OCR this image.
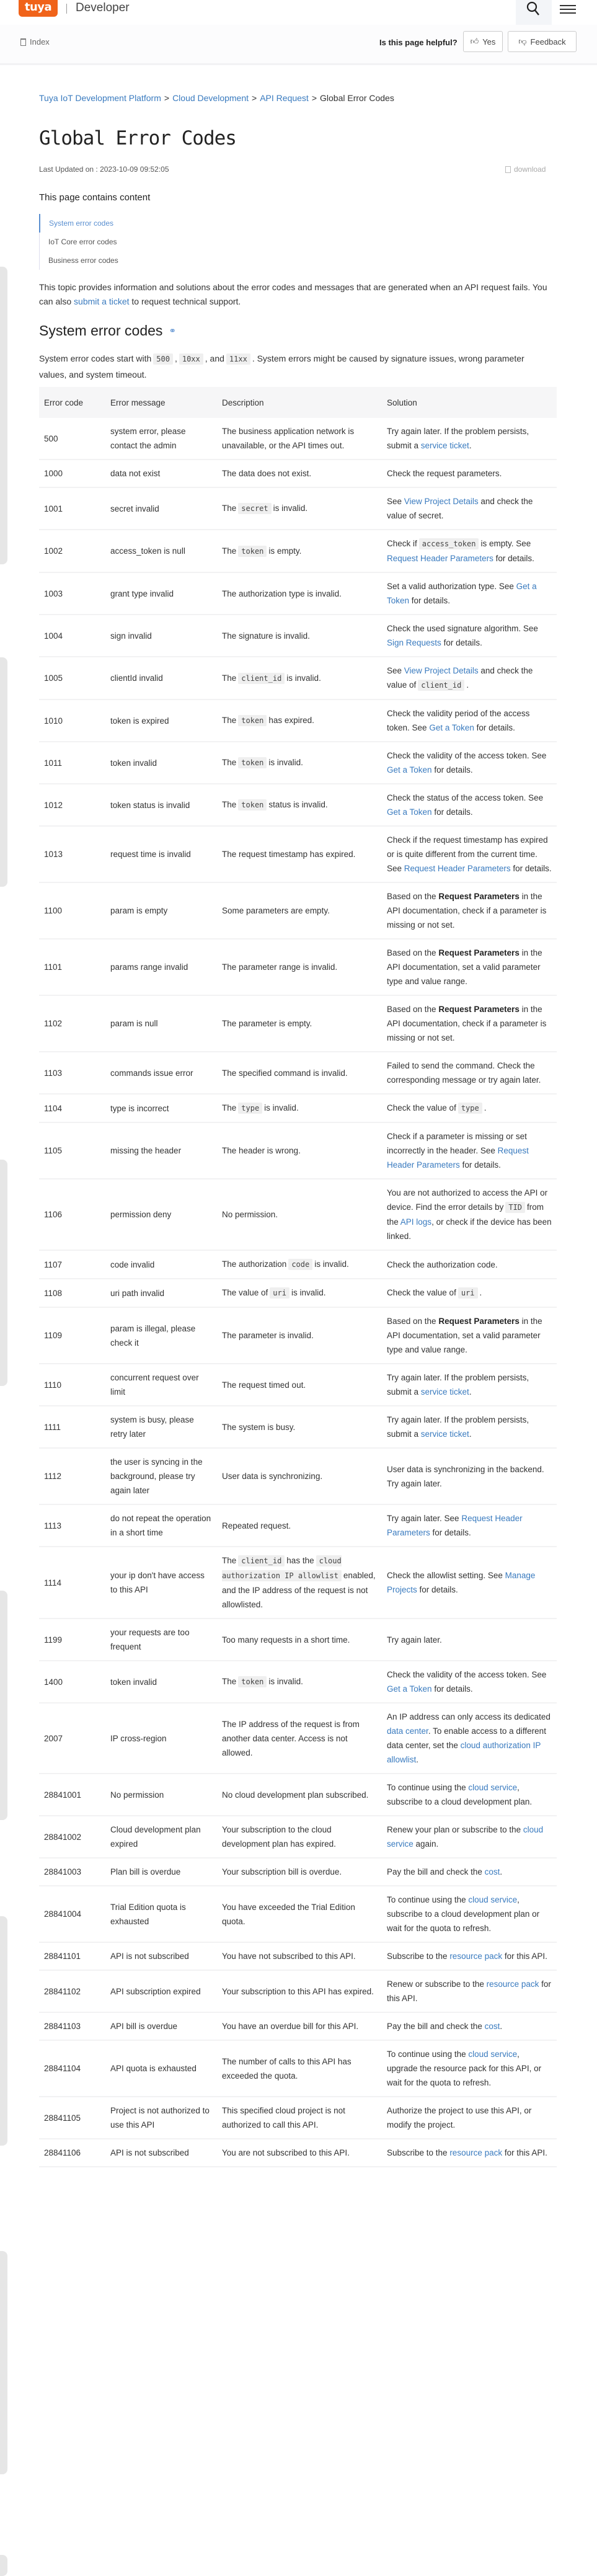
tuya	Developer
Index	Is this page helpful? 👍︎ Yes	👎︎ Feedback
Tuya IoT Development Platform > Cloud Development > API Request > Global Error Codes
Global Error Codes
Last Updated on : 2023-10-09 09:52:05	download
This page contains content
System error codes
IoT Core error codes
Business error codes
This topic provides information and solutions about the error codes and messages that are generated when an API request fails. You can also submit a ticket to request technical support.
System error codes ⚭
System error codes start with 500 , 10xx , and 11xx . System errors might be caused by signature issues, wrong parameter values, and system timeout.
Error code	Error message	Description	Solution
500	system error, please contact the admin	The business application network is unavailable, or the API times out.	Try again later. If the problem persists, submit a service ticket.
1000	data not exist	The data does not exist.	Check the request parameters.
1001	secret invalid	The secret is invalid.	See View Project Details and check the value of secret.
1002	access_token is null	The token is empty.	Check if access_token is empty. See Request Header Parameters for details.
1003	grant type invalid	The authorization type is invalid.	Set a valid authorization type. See Get a Token for details.
1004	sign invalid	The signature is invalid.	Check the used signature algorithm. See Sign Requests for details.
1005	clientId invalid	The client_id is invalid.	See View Project Details and check the value of client_id .
1010	token is expired	The token has expired.	Check the validity period of the access token. See Get a Token for details.
1011	token invalid	The token is invalid.	Check the validity of the access token. See Get a Token for details.
1012	token status is invalid	The token status is invalid.	Check the status of the access token. See Get a Token for details.
1013	request time is invalid	The request timestamp has expired.	Check if the request timestamp has expired or is quite different from the current time. See Request Header Parameters for details.
1100	param is empty	Some parameters are empty.	Based on the Request Parameters in the API documentation, check if a parameter is missing or not set.
1101	params range invalid	The parameter range is invalid.	Based on the Request Parameters in the API documentation, set a valid parameter type and value range.
1102	param is null	The parameter is empty.	Based on the Request Parameters in the API documentation, check if a parameter is missing or not set.
1103	commands issue error	The specified command is invalid.	Failed to send the command. Check the corresponding message or try again later.
1104	type is incorrect	The type is invalid.	Check the value of type .
1105	missing the header	The header is wrong.	Check if a parameter is missing or set incorrectly in the header. See Request Header Parameters for details.
1106	permission deny	No permission.	You are not authorized to access the API or device. Find the error details by TID from the API logs, or check if the device has been linked.
1107	code invalid	The authorization code is invalid.	Check the authorization code.
1108	uri path invalid	The value of uri is invalid.	Check the value of uri .
1109	param is illegal, please check it	The parameter is invalid.	Based on the Request Parameters in the API documentation, set a valid parameter type and value range.
1110	concurrent request over limit	The request timed out.	Try again later. If the problem persists, submit a service ticket.
1111	system is busy, please retry later	The system is busy.	Try again later. If the problem persists, submit a service ticket.
1112	the user is syncing in the background, please try again later	User data is synchronizing.	User data is synchronizing in the backend. Try again later.
1113	do not repeat the operation in a short time	Repeated request.	Try again later. See Request Header Parameters for details.
1114	your ip don't have access to this API	The client_id has the cloud authorization IP allowlist enabled, and the IP address of the request is not allowlisted.	Check the allowlist setting. See Manage Projects for details.
1199	your requests are too frequent	Too many requests in a short time.	Try again later.
1400	token invalid	The token is invalid.	Check the validity of the access token. See Get a Token for details.
2007	IP cross-region	The IP address of the request is from another data center. Access is not allowed.	An IP address can only access its dedicated data center. To enable access to a different data center, set the cloud authorization IP allowlist.
28841001	No permission	No cloud development plan subscribed.	To continue using the cloud service, subscribe to a cloud development plan.
28841002	Cloud development plan expired	Your subscription to the cloud development plan has expired.	Renew your plan or subscribe to the cloud service again.
28841003	Plan bill is overdue	Your subscription bill is overdue.	Pay the bill and check the cost.
28841004	Trial Edition quota is exhausted	You have exceeded the Trial Edition quota.	To continue using the cloud service, subscribe to a cloud development plan or wait for the quota to refresh.
28841101	API is not subscribed	You have not subscribed to this API.	Subscribe to the resource pack for this API.
28841102	API subscription expired	Your subscription to this API has expired.	Renew or subscribe to the resource pack for this API.
28841103	API bill is overdue	You have an overdue bill for this API.	Pay the bill and check the cost.
28841104	API quota is exhausted	The number of calls to this API has exceeded the quota.	To continue using the cloud service, upgrade the resource pack for this API, or wait for the quota to refresh.
28841105	Project is not authorized to use this API	This specified cloud project is not authorized to call this API.	Authorize the project to use this API, or modify the project.
28841106	API is not subscribed	You are not subscribed to this API.	Subscribe to the resource pack for this API.
